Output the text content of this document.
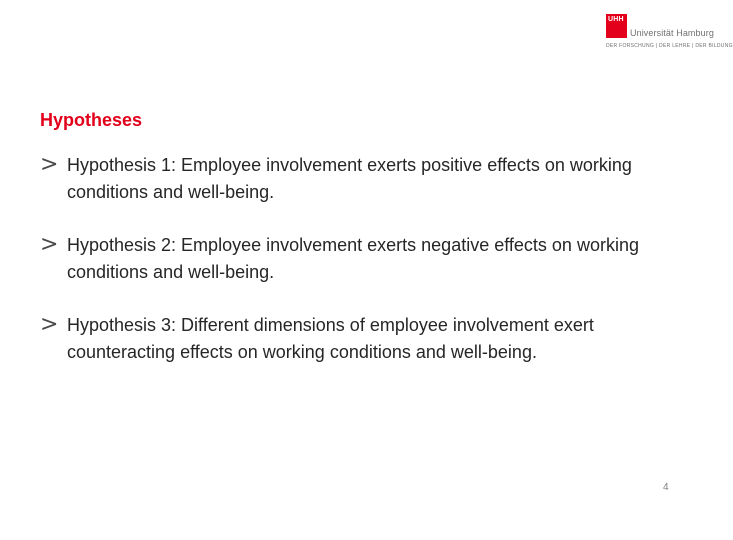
UHH
Universität Hamburg
DER FORSCHUNG | DER LEHRE | DER BILDUNG
Hypotheses
> Hypothesis 1: Employee involvement exerts positive effects on working conditions and well-being.
> Hypothesis 2: Employee involvement exerts negative effects on working conditions and well-being.
> Hypothesis 3: Different dimensions of employee involvement exert counteracting effects on working conditions and well-being.
4
